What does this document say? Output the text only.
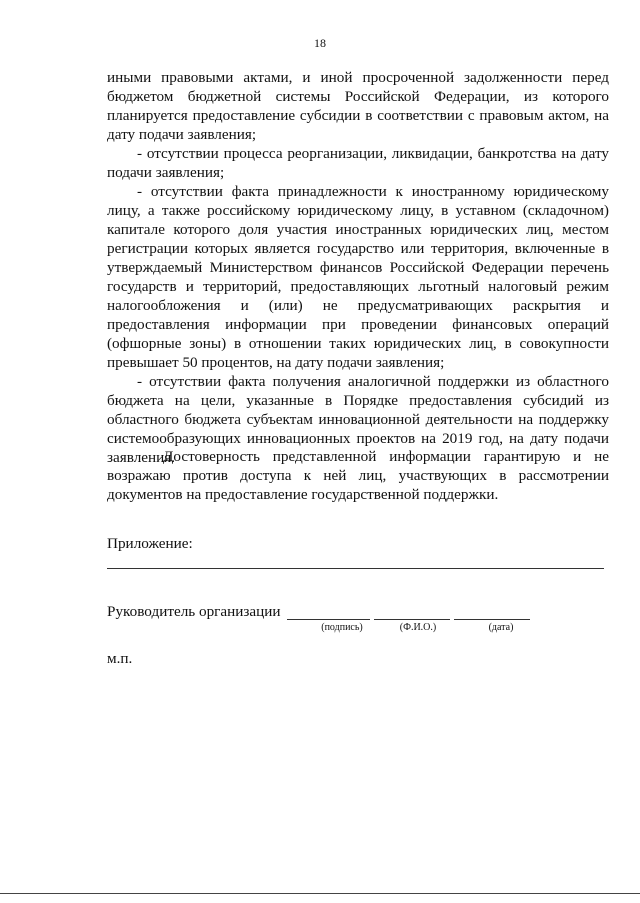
18

иными правовыми актами, и иной просроченной задолженности перед бюджетом бюджетной системы Российской Федерации, из которого планируется предоставление субсидии в соответствии с правовым актом, на дату подачи заявления;

- отсутствии процесса реорганизации, ликвидации, банкротства на дату подачи заявления;

- отсутствии факта принадлежности к иностранному юридическому лицу, а также российскому юридическому лицу, в уставном (складочном) капитале которого доля участия иностранных юридических лиц, местом регистрации которых является государство или территория, включенные в утверждаемый Министерством финансов Российской Федерации перечень государств и территорий, предоставляющих льготный налоговый режим налогообложения и (или) не предусматривающих раскрытия и предоставления информации при проведении финансовых операций (офшорные зоны) в отношении таких юридических лиц, в совокупности превышает 50 процентов, на дату подачи заявления;

- отсутствии факта получения аналогичной поддержки из областного бюджета на цели, указанные в Порядке предоставления субсидий из областного бюджета субъектам инновационной деятельности на поддержку системообразующих инновационных проектов на 2019 год, на дату подачи заявления.

Достоверность представленной информации гарантирую и не возражаю против доступа к ней лиц, участвующих в рассмотрении документов на предоставление государственной поддержки.

Приложение:
Руководитель организации
(подпись)	(Ф.И.О.)	(дата)
м.п.
